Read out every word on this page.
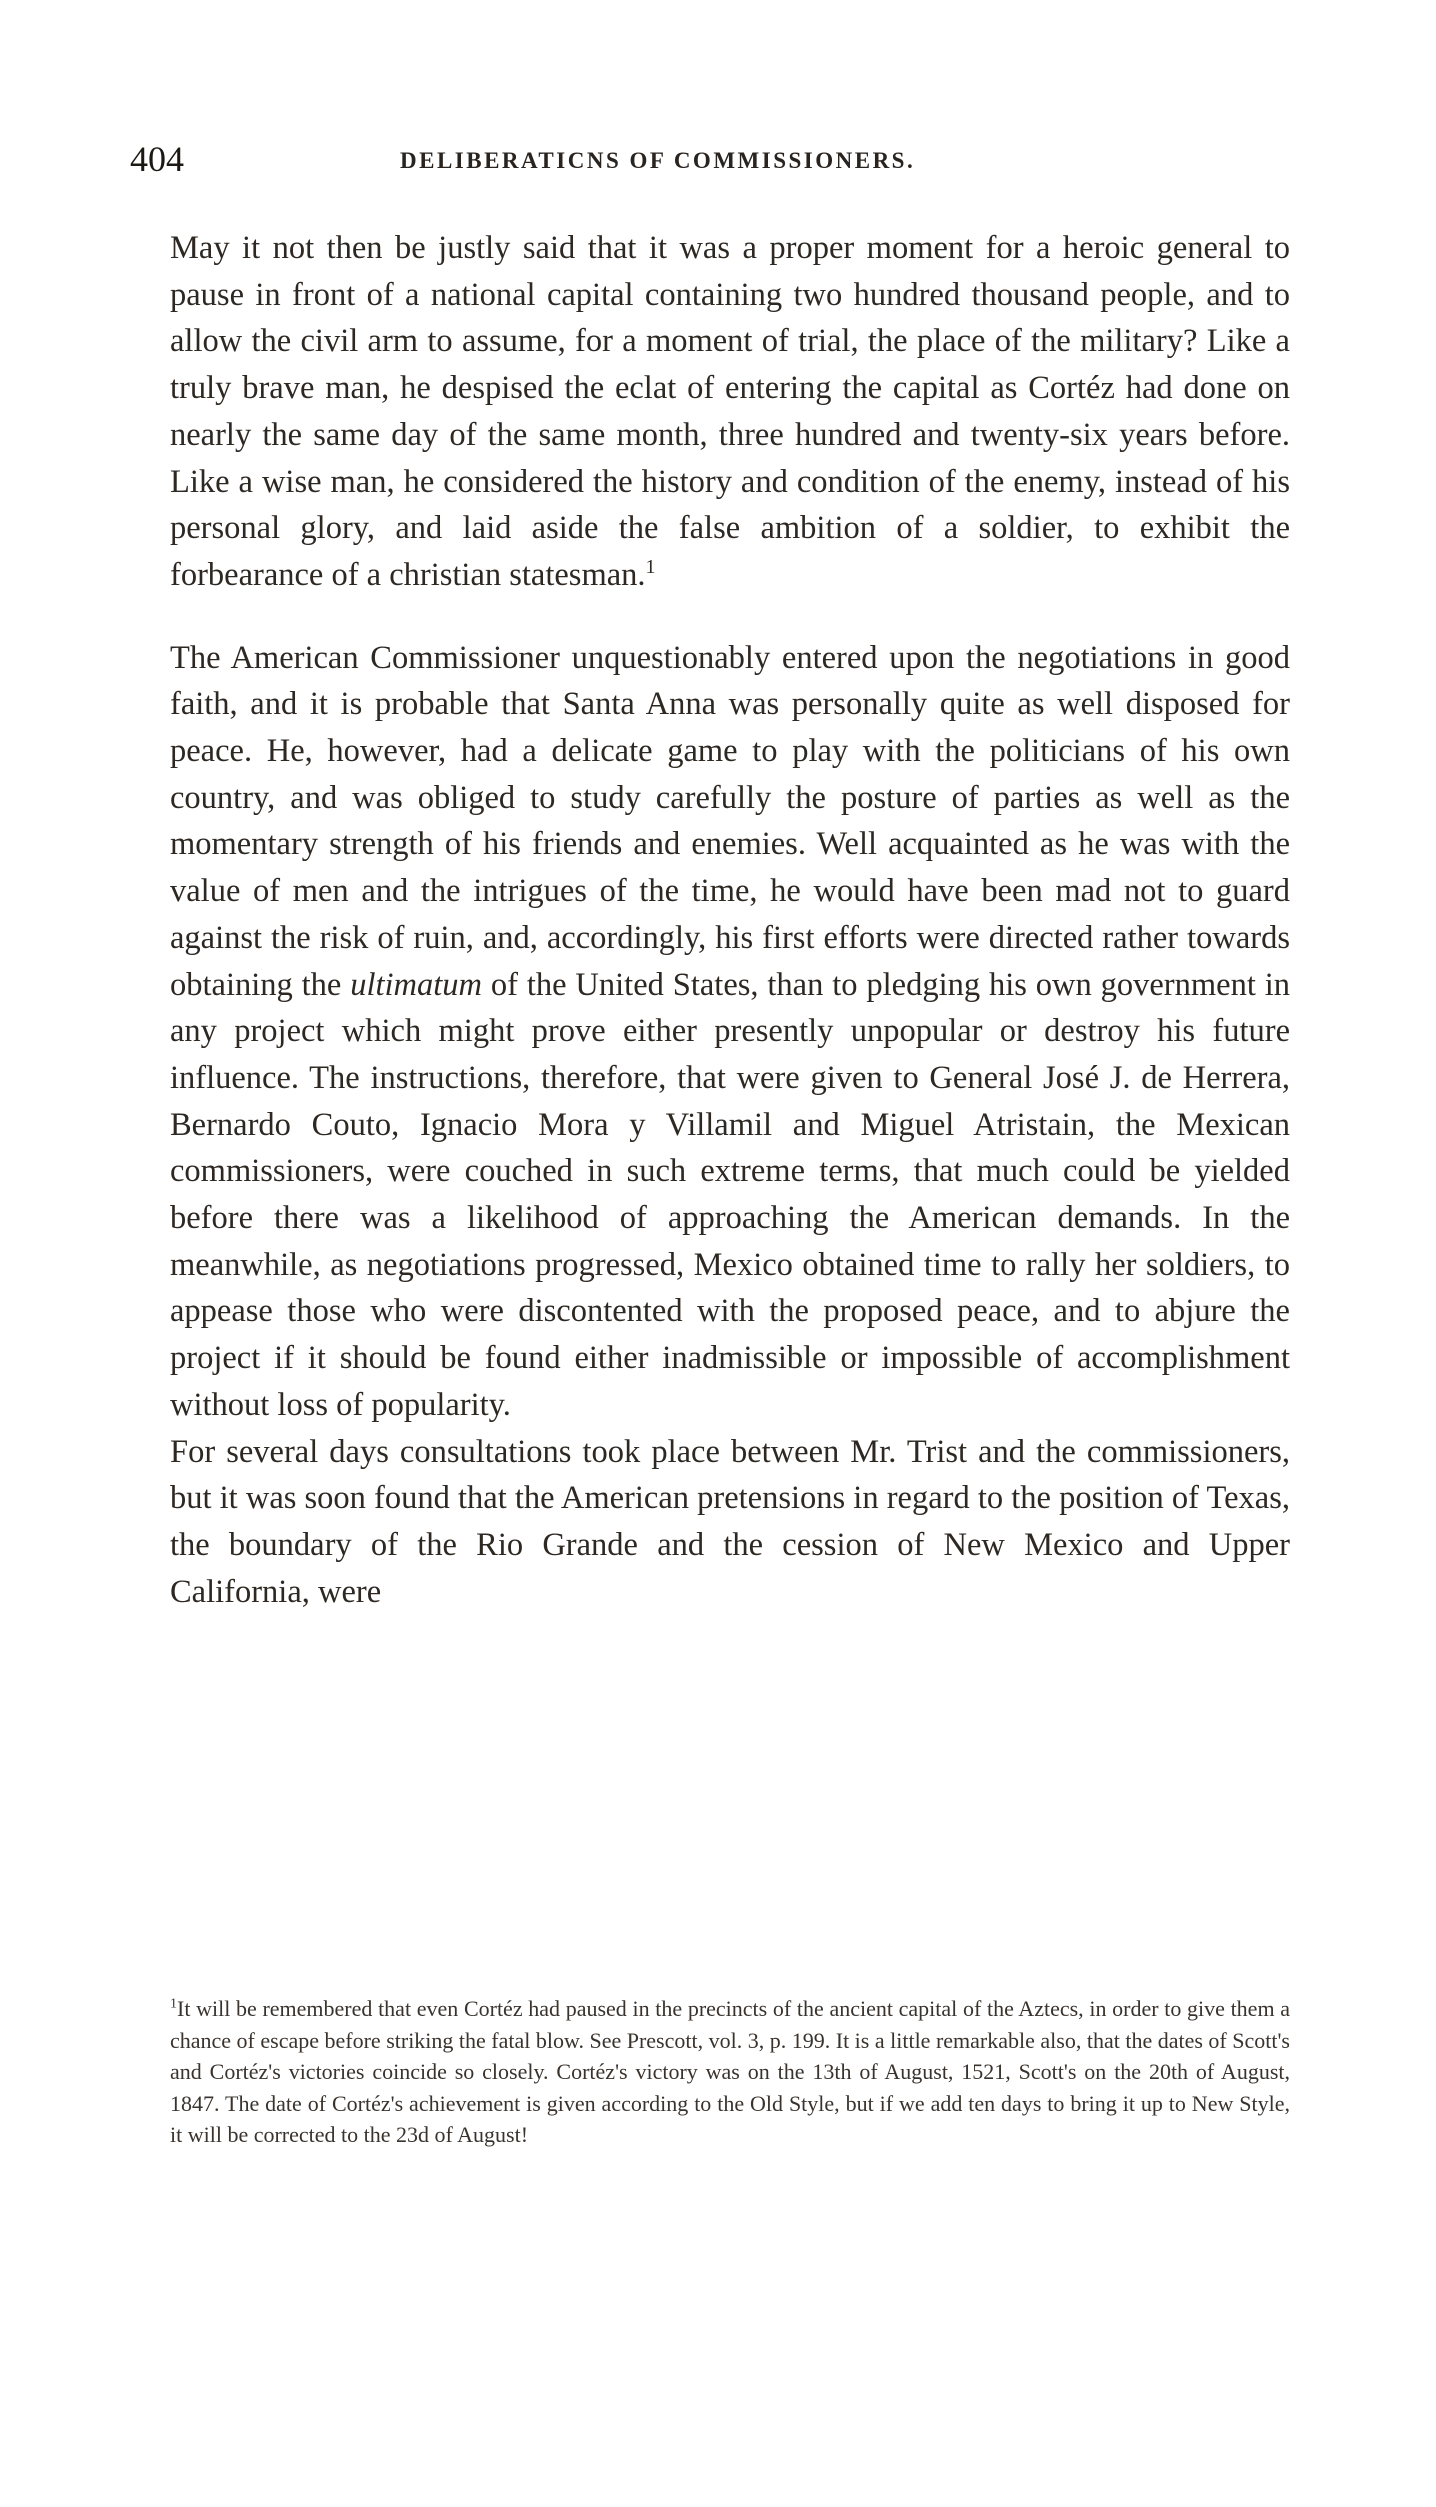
404	DELIBERATICNS OF COMMISSIONERS.

May it not then be justly said that it was a proper moment for a heroic general to pause in front of a national capital containing two hundred thousand people, and to allow the civil arm to assume, for a moment of trial, the place of the military? Like a truly brave man, he despised the eclat of entering the capital as Cortéz had done on nearly the same day of the same month, three hundred and twenty-six years before. Like a wise man, he considered the history and condition of the enemy, instead of his personal glory, and laid aside the false ambition of a soldier, to exhibit the forbearance of a christian statesman.$^1$

The American Commissioner unquestionably entered upon the negotiations in good faith, and it is probable that Santa Anna was personally quite as well disposed for peace. He, however, had a delicate game to play with the politicians of his own country, and was obliged to study carefully the posture of parties as well as the momentary strength of his friends and enemies. Well acquainted as he was with the value of men and the intrigues of the time, he would have been mad not to guard against the risk of ruin, and, accordingly, his first efforts were directed rather towards obtaining the ultimatum of the United States, than to pledging his own government in any project which might prove either presently unpopular or destroy his future influence. The instructions, therefore, that were given to General José J. de Herrera, Bernardo Couto, Ignacio Mora y Villamil and Miguel Atristain, the Mexican commissioners, were couched in such extreme terms, that much could be yielded before there was a likelihood of approaching the American demands. In the meanwhile, as negotiations progressed, Mexico obtained time to rally her soldiers, to appease those who were discontented with the proposed peace, and to abjure the project if it should be found either inadmissible or impossible of accomplishment without loss of popularity.

For several days consultations took place between Mr. Trist and the commissioners, but it was soon found that the American pretensions in regard to the position of Texas, the boundary of the Rio Grande and the cession of New Mexico and Upper California, were

$^1$It will be remembered that even Cortéz had paused in the precincts of the ancient capital of the Aztecs, in order to give them a chance of escape before striking the fatal blow. See Prescott, vol. 3, p. 199. It is a little remarkable also, that the dates of Scott's and Cortéz's victories coincide so closely. Cortéz's victory was on the 13th of August, 1521, Scott's on the 20th of August, 1847. The date of Cortéz's achievement is given according to the Old Style, but if we add ten days to bring it up to New Style, it will be corrected to the 23d of August!
